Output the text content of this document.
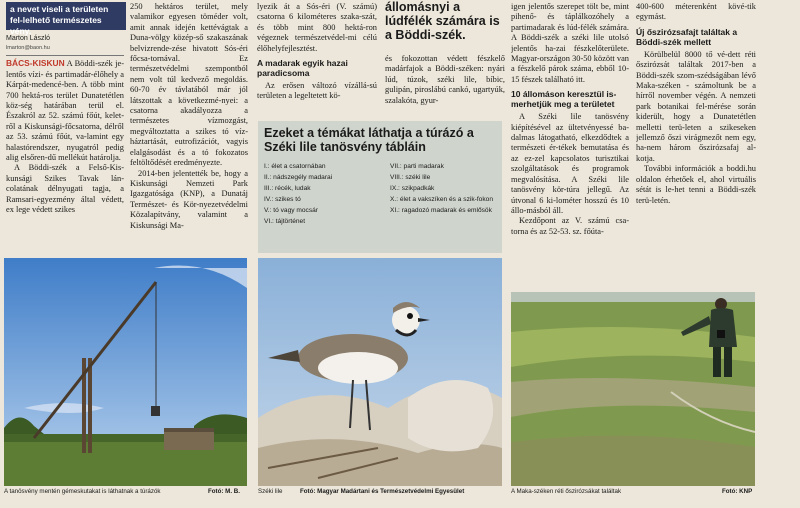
a nevet viseli a területen fel-lelhető természetes vény.
Marton László
lmarton@baon.hu

BÁCS-KISKUN A Böddi-szék je-lentős vízi- és partimadár-élőhely a Kárpát-medencé-ben. A több mint 700 hektá-ros terület Dunatetétlen köz-ség határában terül el. Északról az 52. számú főút, kelet-ről a Kiskunsági-főcsatorna, délről az 53. számú főút, va-lamint egy halastórendszer, nyugatról pedig alig elsőren-dű mellékút határolja.

A Böddi-szék a Felső-Kis-kunsági Szikes Tavak lán-colatának délnyugati tagja, a Ramsari-egyezmény által védett, ex lege védett szikes

250 hektáros terület, mely valamikor egyesen töméder volt, amit annak idején kettévágtak a Duna-völgy közép-ső szakaszának belvizrende-zése hivatott Sós-éri főcsa-tornával. Ez természetvédelmi szempontból nem volt túl kedvező megoldás. 60-70 év távlatából már jól látszottak a következmé-nyei: a csatorna akadályozza a természetes vízmozgást, megváltoztatta a szikes tó víz-háztartását, eutrofizációt, vagyis elalgásodást és a tó fokozatos feltöltődését eredményezte.

2014-ben jelentették be, hogy a Kiskunsági Nemzeti Park Igazgatósága (KNP), a Dunatáj Természet- és Kör-nyezetvédelmi Közalapítvány, valamint a Kiskunsági Ma-

lyezik át a Sós-éri (V. számú) csatorna 6 kilométeres szaka-szát, és több mint 800 hektá-ron végeznek természetvédel-mi célú élőhelyfejlesztést.

A madarak egyik hazai paradicsoma

Az erősen változó vízállá-sú területen a legeltetett kö-

állomásnyi a lúdfélék számára is a Böddi-szék.

és fokozottan védett fészkelő madárfajok a Böddi-széken: nyári lúd, túzok, széki lile, bíbic, gulipán, piroslábú cankó, ugartyúk, szalakóta, gyur-

Ezeket a témákat láthatja a túrázó a Széki lile tanösvény tábláin
I.: élet a csatornában
II.: nádszegély madarai
III.: récék, ludak
IV.: szikes tó
V.: tó vagy mocsár
VI.: tájtörténet
VII.: parti madarak
VIII.: széki lile
IX.: szikpadkák
X.: élet a vakszíken és a szik-fokon
XI.: ragadozó madarak és emlősök

igen jelentős szerepet tölt be, mint pihenő- és táplálkozóhely a partimadarak és lúd-félék számára. A Böddi-szék a széki lile utolsó jelentős ha-zai fészkelőterülete. Magyar-országon 30-50 között van a fészkelő párok száma, ebből 10-15 fészek található itt.

10 állomáson keresztül is-merhetjük meg a területet

A Széki lile tanösvény kiépítésével az ültetvényessé ba-dalmas látogatható, elkezdődtek a természeti ér-tékek bemutatása és az ez-zel kapcsolatos turisztikai szolgáltatások és programok megvalósítása. A Széki lile tanösvény kör-túra jellegű. Az útvonal 6 ki-lométer hosszú és 10 állo-másból áll.

Kezdőpont az V. számú csa-torna és az 52-53. sz. főúta-

400-600 méterenként kövé-tik egymást.

Új őszirózsafajt találtak a Böddi-szék mellett

Körülbelül 8000 tő vé-dett réti őszirózsát találtak 2017-ben a Böddi-szék szom-szédságában lévő Maka-széken - számoltunk be a hírről november végén. A nemzeti park botanikai fel-mérése során kiderült, hogy a Dunatetétlen melletti terü-leten a szikeseken jellemző őszi virágmezőt nem egy, ha-nem három őszirózsafaj al-kotja.

További információk a boddi.hu oldalon érhetőek el, ahol virtuális sétát is le-het tenni a Böddi-szék terü-letén.

A tanösvény mentén gémeskutakat is láthatnak a túrázók	Fotó: M. B.	Széki lile	Fotó: Magyar Madártani és Természetvédelmi Egyesület	A Maka-széken réti őszirózsákat találtak	Fotó: KNP
